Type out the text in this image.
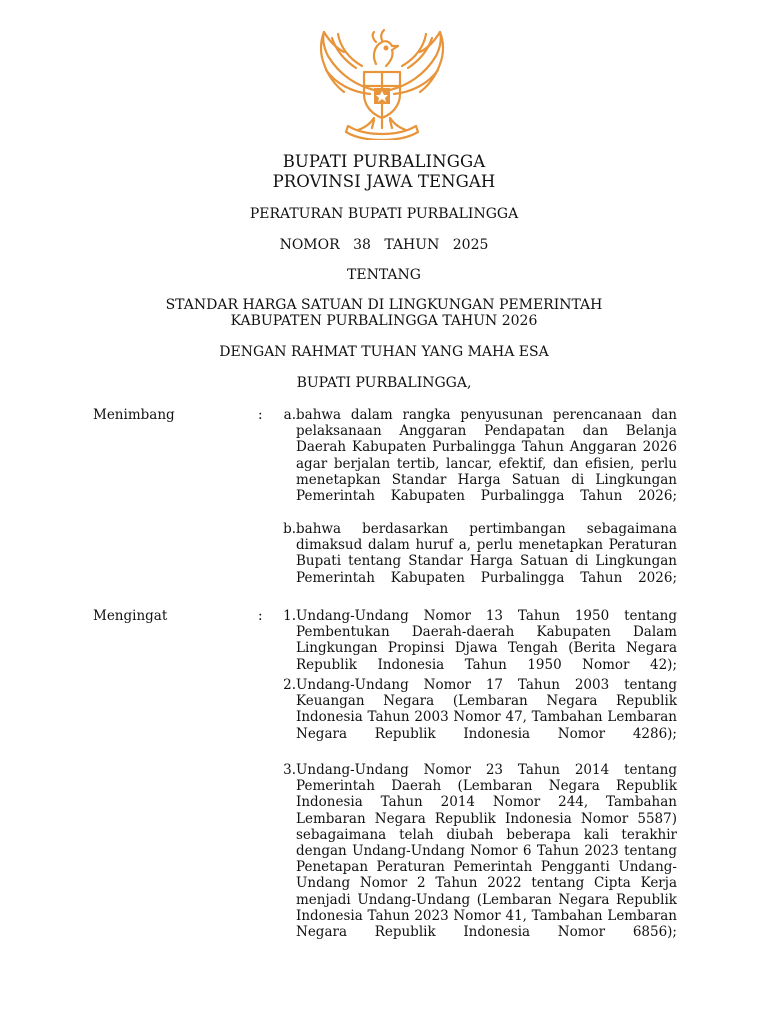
BUPATI PURBALINGGA
PROVINSI JAWA TENGAH
PERATURAN BUPATI PURBALINGGA
NOMOR 38 TAHUN 2025
TENTANG
STANDAR HARGA SATUAN DI LINGKUNGAN PEMERINTAH
KABUPATEN PURBALINGGA TAHUN 2026
DENGAN RAHMAT TUHAN YANG MAHA ESA
BUPATI PURBALINGGA,
Menimbang	:	a. bahwa dalam rangka penyusunan perencanaan dan pelaksanaan Anggaran Pendapatan dan Belanja Daerah Kabupaten Purbalingga Tahun Anggaran 2026 agar berjalan tertib, lancar, efektif, dan efisien, perlu menetapkan Standar Harga Satuan di Lingkungan Pemerintah Kabupaten Purbalingga Tahun 2026;
b. bahwa berdasarkan pertimbangan sebagaimana dimaksud dalam huruf a, perlu menetapkan Peraturan Bupati tentang Standar Harga Satuan di Lingkungan Pemerintah Kabupaten Purbalingga Tahun 2026;
Mengingat	:	1. Undang-Undang Nomor 13 Tahun 1950 tentang Pembentukan Daerah-daerah Kabupaten Dalam Lingkungan Propinsi Djawa Tengah (Berita Negara Republik Indonesia Tahun 1950 Nomor 42);
2. Undang-Undang Nomor 17 Tahun 2003 tentang Keuangan Negara (Lembaran Negara Republik Indonesia Tahun 2003 Nomor 47, Tambahan Lembaran Negara Republik Indonesia Nomor 4286);
3. Undang-Undang Nomor 23 Tahun 2014 tentang Pemerintah Daerah (Lembaran Negara Republik Indonesia Tahun 2014 Nomor 244, Tambahan Lembaran Negara Republik Indonesia Nomor 5587) sebagaimana telah diubah beberapa kali terakhir dengan Undang-Undang Nomor 6 Tahun 2023 tentang Penetapan Peraturan Pemerintah Pengganti Undang-Undang Nomor 2 Tahun 2022 tentang Cipta Kerja menjadi Undang-Undang (Lembaran Negara Republik Indonesia Tahun 2023 Nomor 41, Tambahan Lembaran Negara Republik Indonesia Nomor 6856);
